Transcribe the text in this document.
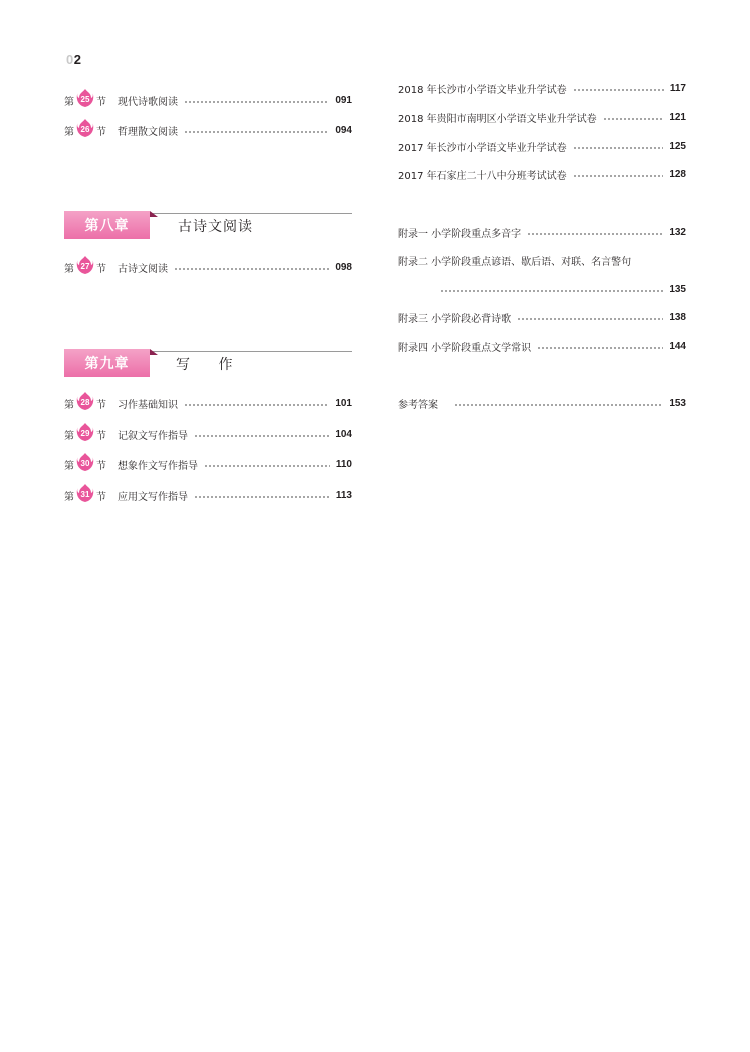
02
第 25 节 现代诗歌阅读	091
第 26 节 哲理散文阅读	094
第八章	古诗文阅读
第 27 节 古诗文阅读	098
第九章	写 作
第 28 节 习作基础知识	101
第 29 节 记叙文写作指导	104
第 30 节 想象作文写作指导	110
第 31 节 应用文写作指导	113
2018 年长沙市小学语文毕业升学试卷	117
2018 年贵阳市南明区小学语文毕业升学试卷	121
2017 年长沙市小学语文毕业升学试卷	125
2017 年石家庄二十八中分班考试试卷	128
附录一 小学阶段重点多音字	132
附录二 小学阶段重点谚语、歇后语、对联、名言警句
135
附录三 小学阶段必背诗歌	138
附录四 小学阶段重点文学常识	144
参考答案	153
